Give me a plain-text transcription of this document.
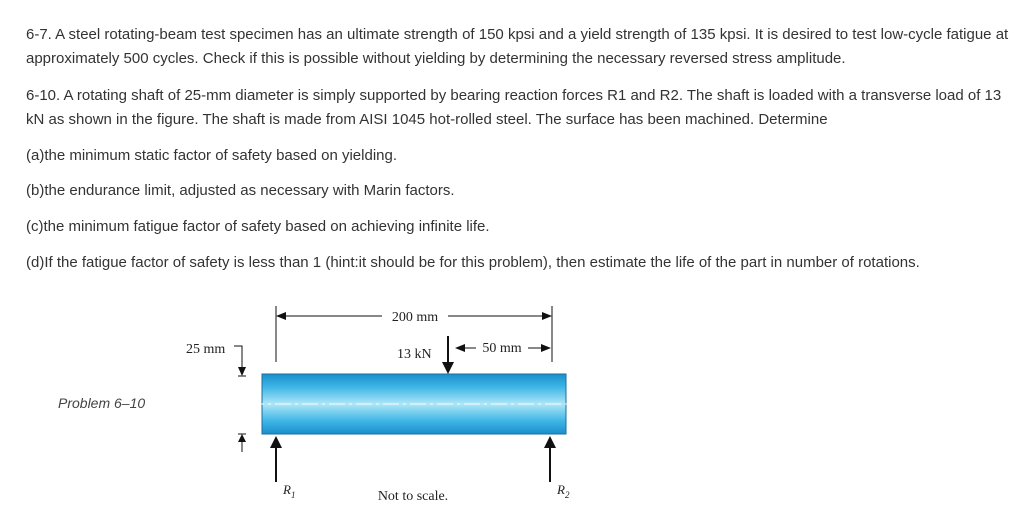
6-7. A steel rotating-beam test specimen has an ultimate strength of 150 kpsi and a yield strength of 135 kpsi. It is desired to test low-cycle fatigue at approximately 500 cycles. Check if this is possible without yielding by determining the necessary reversed stress amplitude.

6-10. A rotating shaft of 25-mm diameter is simply supported by bearing reaction forces R1 and R2. The shaft is loaded with a transverse load of 13 kN as shown in the figure. The shaft is made from AISI 1045 hot-rolled steel. The surface has been machined. Determine

(a)the minimum static factor of safety based on yielding.

(b)the endurance limit, adjusted as necessary with Marin factors.

(c)the minimum fatigue factor of safety based on achieving infinite life.

(d)If the fatigue factor of safety is less than 1 (hint:it should be for this problem), then estimate the life of the part in number of rotations.

Problem 6–10
200 mm
25 mm	13 kN	50 mm
$R_1$	$R_2$
Not to scale.
